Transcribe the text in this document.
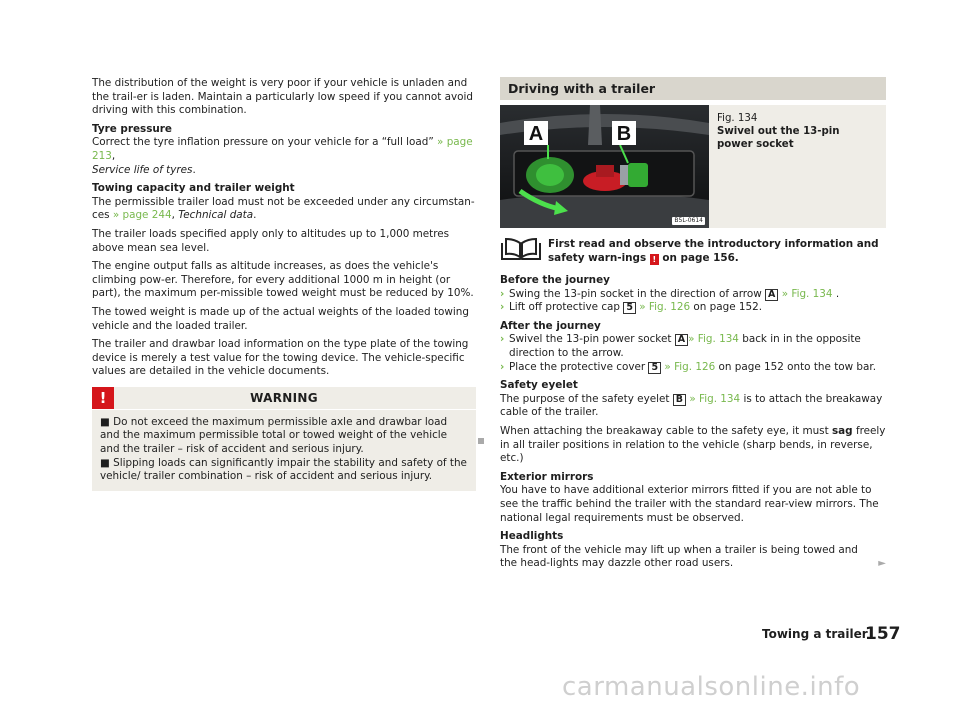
The distribution of the weight is very poor if your vehicle is unladen and the trail-er is laden. Maintain a particularly low speed if you cannot avoid driving with this combination.

Tyre pressure

Correct the tyre inflation pressure on your vehicle for a “full load” » page 213,
Service life of tyres.

Towing capacity and trailer weight

The permissible trailer load must not be exceeded under any circumstan-ces » page 244, Technical data.

The trailer loads specified apply only to altitudes up to 1,000 metres above mean sea level.

The engine output falls as altitude increases, as does the vehicle's climbing pow-er. Therefore, for every additional 1000 m in height (or part), the maximum per-missible towed weight must be reduced by 10%.

The towed weight is made up of the actual weights of the loaded towing vehicle and the loaded trailer.

The trailer and drawbar load information on the type plate of the towing device is merely a test value for the towing device. The vehicle-specific values are detailed in the vehicle documents.

!	WARNING

■ Do not exceed the maximum permissible axle and drawbar load and the maximum permissible total or towed weight of the vehicle and the trailer – risk of accident and serious injury.

■ Slipping loads can significantly impair the stability and safety of the vehicle/ trailer combination – risk of accident and serious injury.

Driving with a trailer
A	B
B5L-0614
Fig. 134
Swivel out the 13-pin power socket
First read and observe the introductory information and safety warn-ings ! on page 156.
Before the journey
› Swing the 13-pin socket in the direction of arrow A » Fig. 134 .

› Lift off protective cap 5 » Fig. 126 on page 152.

After the journey
› Swivel the 13-pin power socket A » Fig. 134 back in in the opposite direction to the arrow.

› Place the protective cover 5 » Fig. 126 on page 152 onto the tow bar.

Safety eyelet

The purpose of the safety eyelet B » Fig. 134 is to attach the breakaway cable of the trailer.

When attaching the breakaway cable to the safety eye, it must sag freely in all trailer positions in relation to the vehicle (sharp bends, in reverse, etc.)

Exterior mirrors

You have to have additional exterior mirrors fitted if you are not able to see the traffic behind the trailer with the standard rear-view mirrors. The national legal requirements must be observed.

Headlights

The front of the vehicle may lift up when a trailer is being towed and the head-lights may dazzle other road users.	►

Towing a trailer
157
carmanualsonline.info
